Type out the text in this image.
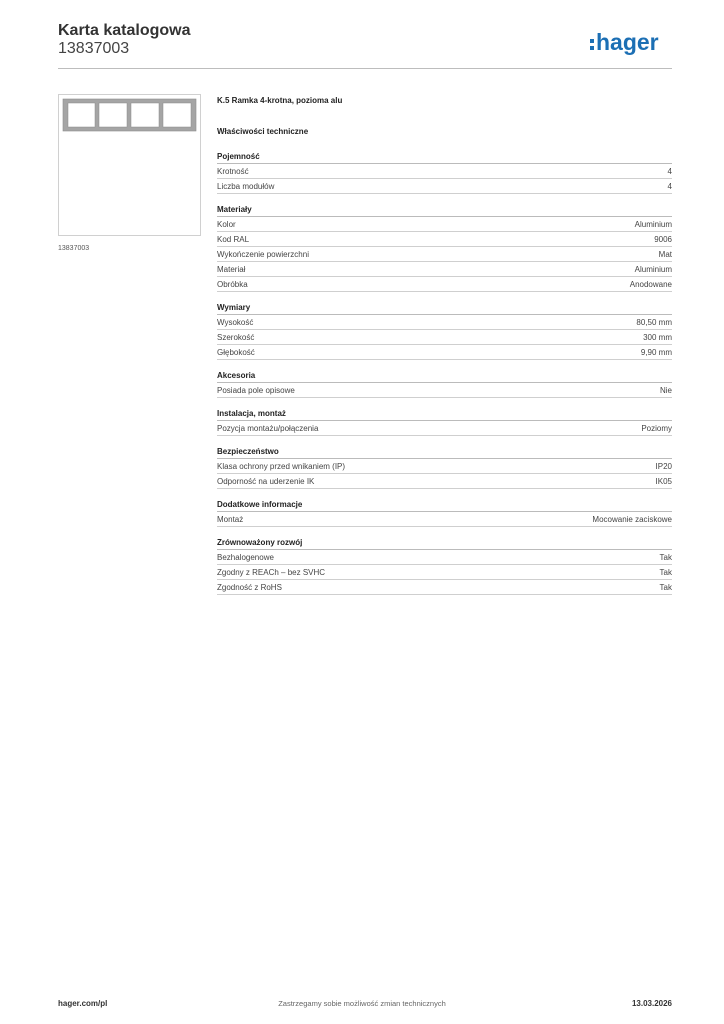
Karta katalogowa
13837003	hager
13837003
K.5 Ramka 4-krotna, pozioma alu
Właściwości techniczne
Pojemność
Krotność	4
Liczba modułów	4
Materiały
Kolor	Aluminium
Kod RAL	9006
Wykończenie powierzchni	Mat
Materiał	Aluminium
Obróbka	Anodowane
Wymiary
Wysokość	80,50 mm
Szerokość	300 mm
Głębokość	9,90 mm
Akcesoria
Posiada pole opisowe	Nie
Instalacja, montaż
Pozycja montażu/połączenia	Poziomy
Bezpieczeństwo
Klasa ochrony przed wnikaniem (IP)	IP20
Odporność na uderzenie IK	IK05
Dodatkowe informacje
Montaż	Mocowanie zaciskowe
Zrównoważony rozwój
Bezhalogenowe	Tak
Zgodny z REACh – bez SVHC	Tak
Zgodność z RoHS	Tak
hager.com/pl	Zastrzegamy sobie możliwość zmian technicznych	13.03.2026
